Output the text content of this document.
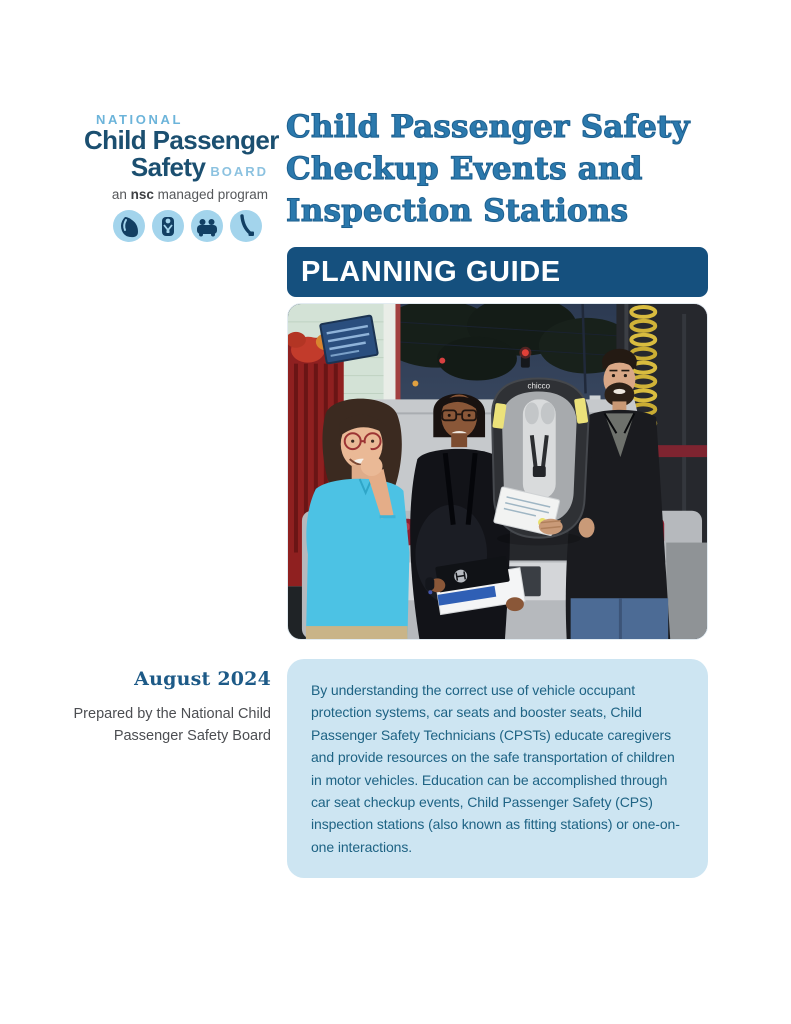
NATIONAL
Child Passenger
Safety BOARD
an nsc managed program
Child Passenger Safety
Checkup Events and
Inspection Stations
PLANNING GUIDE
chicco
August 2024
Prepared by the National Child
Passenger Safety Board
By understanding the correct use of vehicle occupant protection systems, car seats and booster seats, Child Passenger Safety Technicians (CPSTs) educate caregivers and provide resources on the safe transportation of children in motor vehicles. Education can be accomplished through car seat checkup events, Child Passenger Safety (CPS) inspection stations (also known as fitting stations) or one-on-one interactions.
